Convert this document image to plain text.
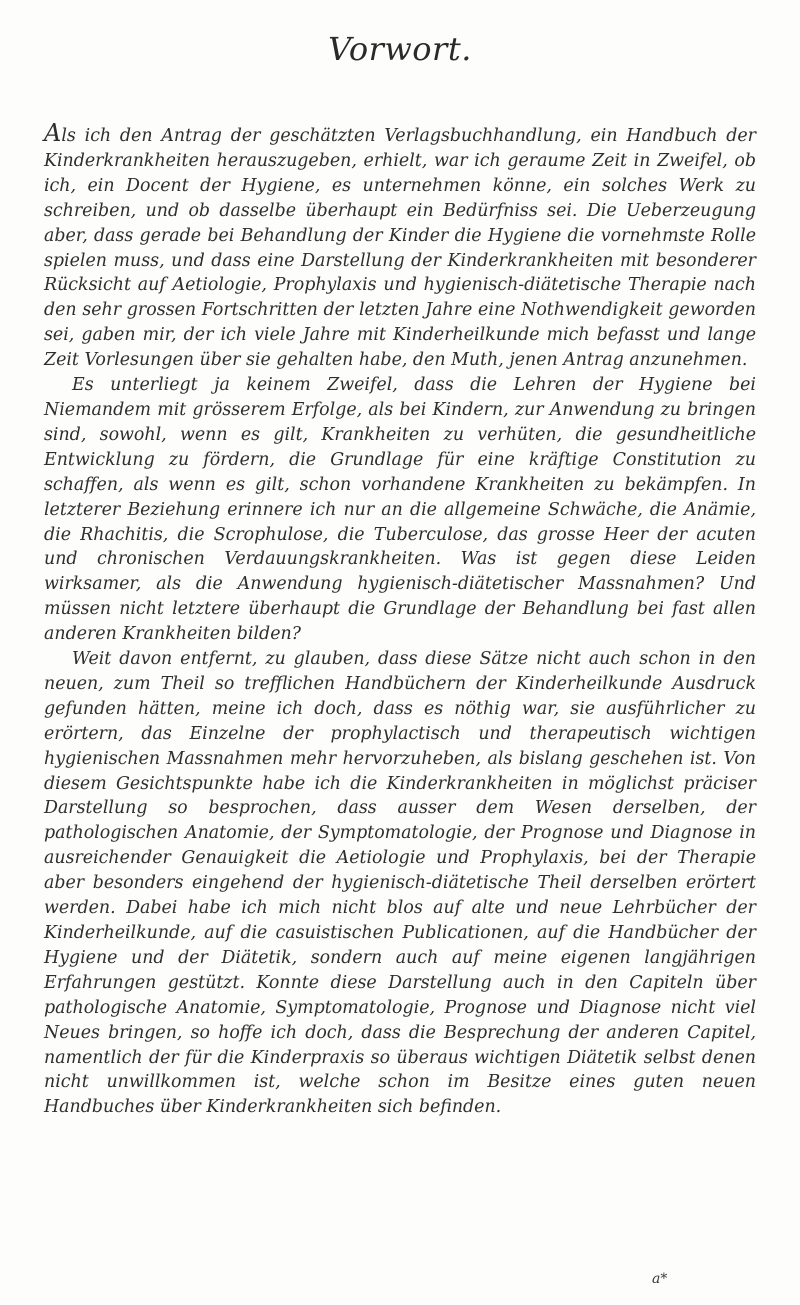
Vorwort.

Als ich den Antrag der geschätzten Verlagsbuchhandlung, ein Handbuch der Kinderkrankheiten herauszugeben, erhielt, war ich geraume Zeit in Zweifel, ob ich, ein Docent der Hygiene, es unternehmen könne, ein solches Werk zu schreiben, und ob dasselbe überhaupt ein Bedürfniss sei. Die Ueberzeugung aber, dass gerade bei Behandlung der Kinder die Hygiene die vornehmste Rolle spielen muss, und dass eine Darstellung der Kinderkrankheiten mit besonderer Rücksicht auf Aetiologie, Prophylaxis und hygienisch-diätetische Therapie nach den sehr grossen Fortschritten der letzten Jahre eine Nothwendigkeit geworden sei, gaben mir, der ich viele Jahre mit Kinderheilkunde mich befasst und lange Zeit Vorlesungen über sie gehalten habe, den Muth, jenen Antrag anzunehmen.

Es unterliegt ja keinem Zweifel, dass die Lehren der Hygiene bei Niemandem mit grösserem Erfolge, als bei Kindern, zur Anwendung zu bringen sind, sowohl, wenn es gilt, Krankheiten zu verhüten, die gesundheitliche Entwicklung zu fördern, die Grundlage für eine kräftige Constitution zu schaffen, als wenn es gilt, schon vorhandene Krankheiten zu bekämpfen. In letzterer Beziehung erinnere ich nur an die allgemeine Schwäche, die Anämie, die Rhachitis, die Scrophulose, die Tuberculose, das grosse Heer der acuten und chronischen Verdauungskrankheiten. Was ist gegen diese Leiden wirksamer, als die Anwendung hygienisch-diätetischer Massnahmen? Und müssen nicht letztere überhaupt die Grundlage der Behandlung bei fast allen anderen Krankheiten bilden?

Weit davon entfernt, zu glauben, dass diese Sätze nicht auch schon in den neuen, zum Theil so trefflichen Handbüchern der Kinderheilkunde Ausdruck gefunden hätten, meine ich doch, dass es nöthig war, sie ausführlicher zu erörtern, das Einzelne der prophylactisch und therapeutisch wichtigen hygienischen Massnahmen mehr hervorzuheben, als bislang geschehen ist. Von diesem Gesichtspunkte habe ich die Kinderkrankheiten in möglichst präciser Darstellung so besprochen, dass ausser dem Wesen derselben, der pathologischen Anatomie, der Symptomatologie, der Prognose und Diagnose in ausreichender Genauigkeit die Aetiologie und Prophylaxis, bei der Therapie aber besonders eingehend der hygienisch-diätetische Theil derselben erörtert werden. Dabei habe ich mich nicht blos auf alte und neue Lehrbücher der Kinderheilkunde, auf die casuistischen Publicationen, auf die Handbücher der Hygiene und der Diätetik, sondern auch auf meine eigenen langjährigen Erfahrungen gestützt. Konnte diese Darstellung auch in den Capiteln über pathologische Anatomie, Symptomatologie, Prognose und Diagnose nicht viel Neues bringen, so hoffe ich doch, dass die Besprechung der anderen Capitel, namentlich der für die Kinderpraxis so überaus wichtigen Diätetik selbst denen nicht unwillkommen ist, welche schon im Besitze eines guten neuen Handbuches über Kinderkrankheiten sich befinden.

a*
